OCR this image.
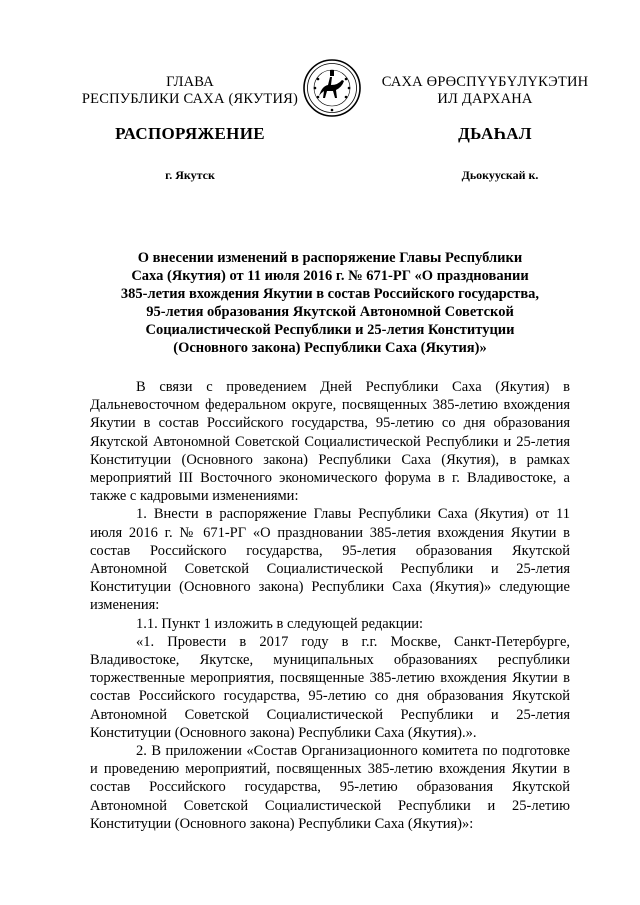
ГЛАВА
РЕСПУБЛИКИ САХА (ЯКУТИЯ)
САХА ӨРӨСПҮҮБҮЛҮКЭТИН
ИЛ ДАРХАНА
РАСПОРЯЖЕНИЕ	ДЬАҺАЛ
г. Якутск	Дьокуускай к.
О внесении изменений в распоряжение Главы Республики
Саха (Якутия) от 11 июля 2016 г. № 671-РГ «О праздновании
385-летия вхождения Якутии в состав Российского государства,
95-летия образования Якутской Автономной Советской
Социалистической Республики и 25-летия Конституции
(Основного закона) Республики Саха (Якутия)»

В связи с проведением Дней Республики Саха (Якутия) в Дальневосточном федеральном округе, посвященных 385-летию вхождения Якутии в состав Российского государства, 95-летию со дня образования Якутской Автономной Советской Социалистической Республики и 25-летия Конституции (Основного закона) Республики Саха (Якутия), в рамках мероприятий III Восточного экономического форума в г. Владивостоке, а также с кадровыми изменениями:

1. Внести в распоряжение Главы Республики Саха (Якутия) от 11 июля 2016 г. № 671-РГ «О праздновании 385-летия вхождения Якутии в состав Российского государства, 95-летия образования Якутской Автономной Советской Социалистической Республики и 25-летия Конституции (Основного закона) Республики Саха (Якутия)» следующие изменения:

1.1. Пункт 1 изложить в следующей редакции:

«1. Провести в 2017 году в г.г. Москве, Санкт-Петербурге, Владивостоке, Якутске, муниципальных образованиях республики торжественные мероприятия, посвященные 385-летию вхождения Якутии в состав Российского государства, 95-летию со дня образования Якутской Автономной Советской Социалистической Республики и 25-летия Конституции (Основного закона) Республики Саха (Якутия).».

2. В приложении «Состав Организационного комитета по подготовке и проведению мероприятий, посвященных 385-летию вхождения Якутии в состав Российского государства, 95-летию образования Якутской Автономной Советской Социалистической Республики и 25-летию Конституции (Основного закона) Республики Саха (Якутия)»:
